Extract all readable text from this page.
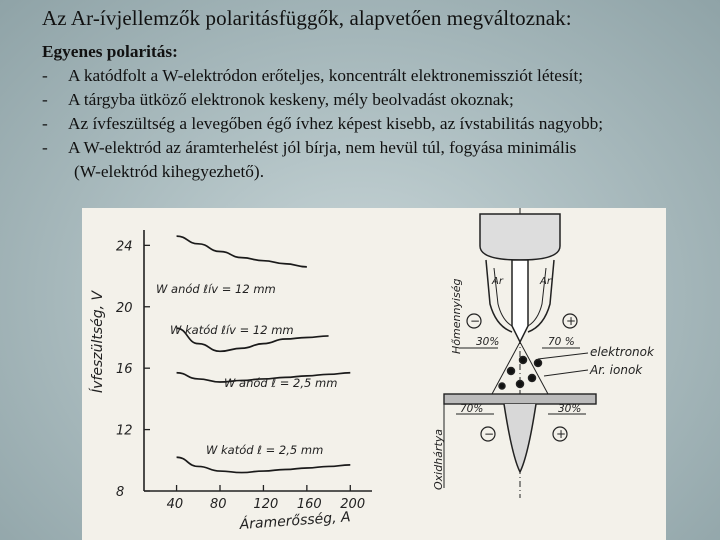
Az Ar-ívjellemzők polaritásfüggők, alapvetően megváltoznak:
Egyenes polaritás:
-	A katódfolt a W-elektródon erőteljes, koncentrált elektronemissziót létesít;
-	A tárgyba ütköző elektronok keskeny, mély beolvadást okoznak;
-	Az ívfeszültség a levegőben égő ívhez képest kisebb, az ívstabilitás nagyobb;
-	A W-elektród az áramterhelést jól bírja, nem hevül túl, fogyása minimális
(W-elektród kihegyezhető).
24
20
16
12
8
40 80 120 160 200
Ívfeszültség, V
Áramerősség, A
W anód ℓív = 12 mm
W katód ℓív = 12 mm
W anód ℓ = 2,5 mm
W katód ℓ = 2,5 mm
Ar	Ar
−	+
−	+
30%	70 %
70%	30%
elektronok
Ar. ionok
Hőmennyiség
Oxidhártya
